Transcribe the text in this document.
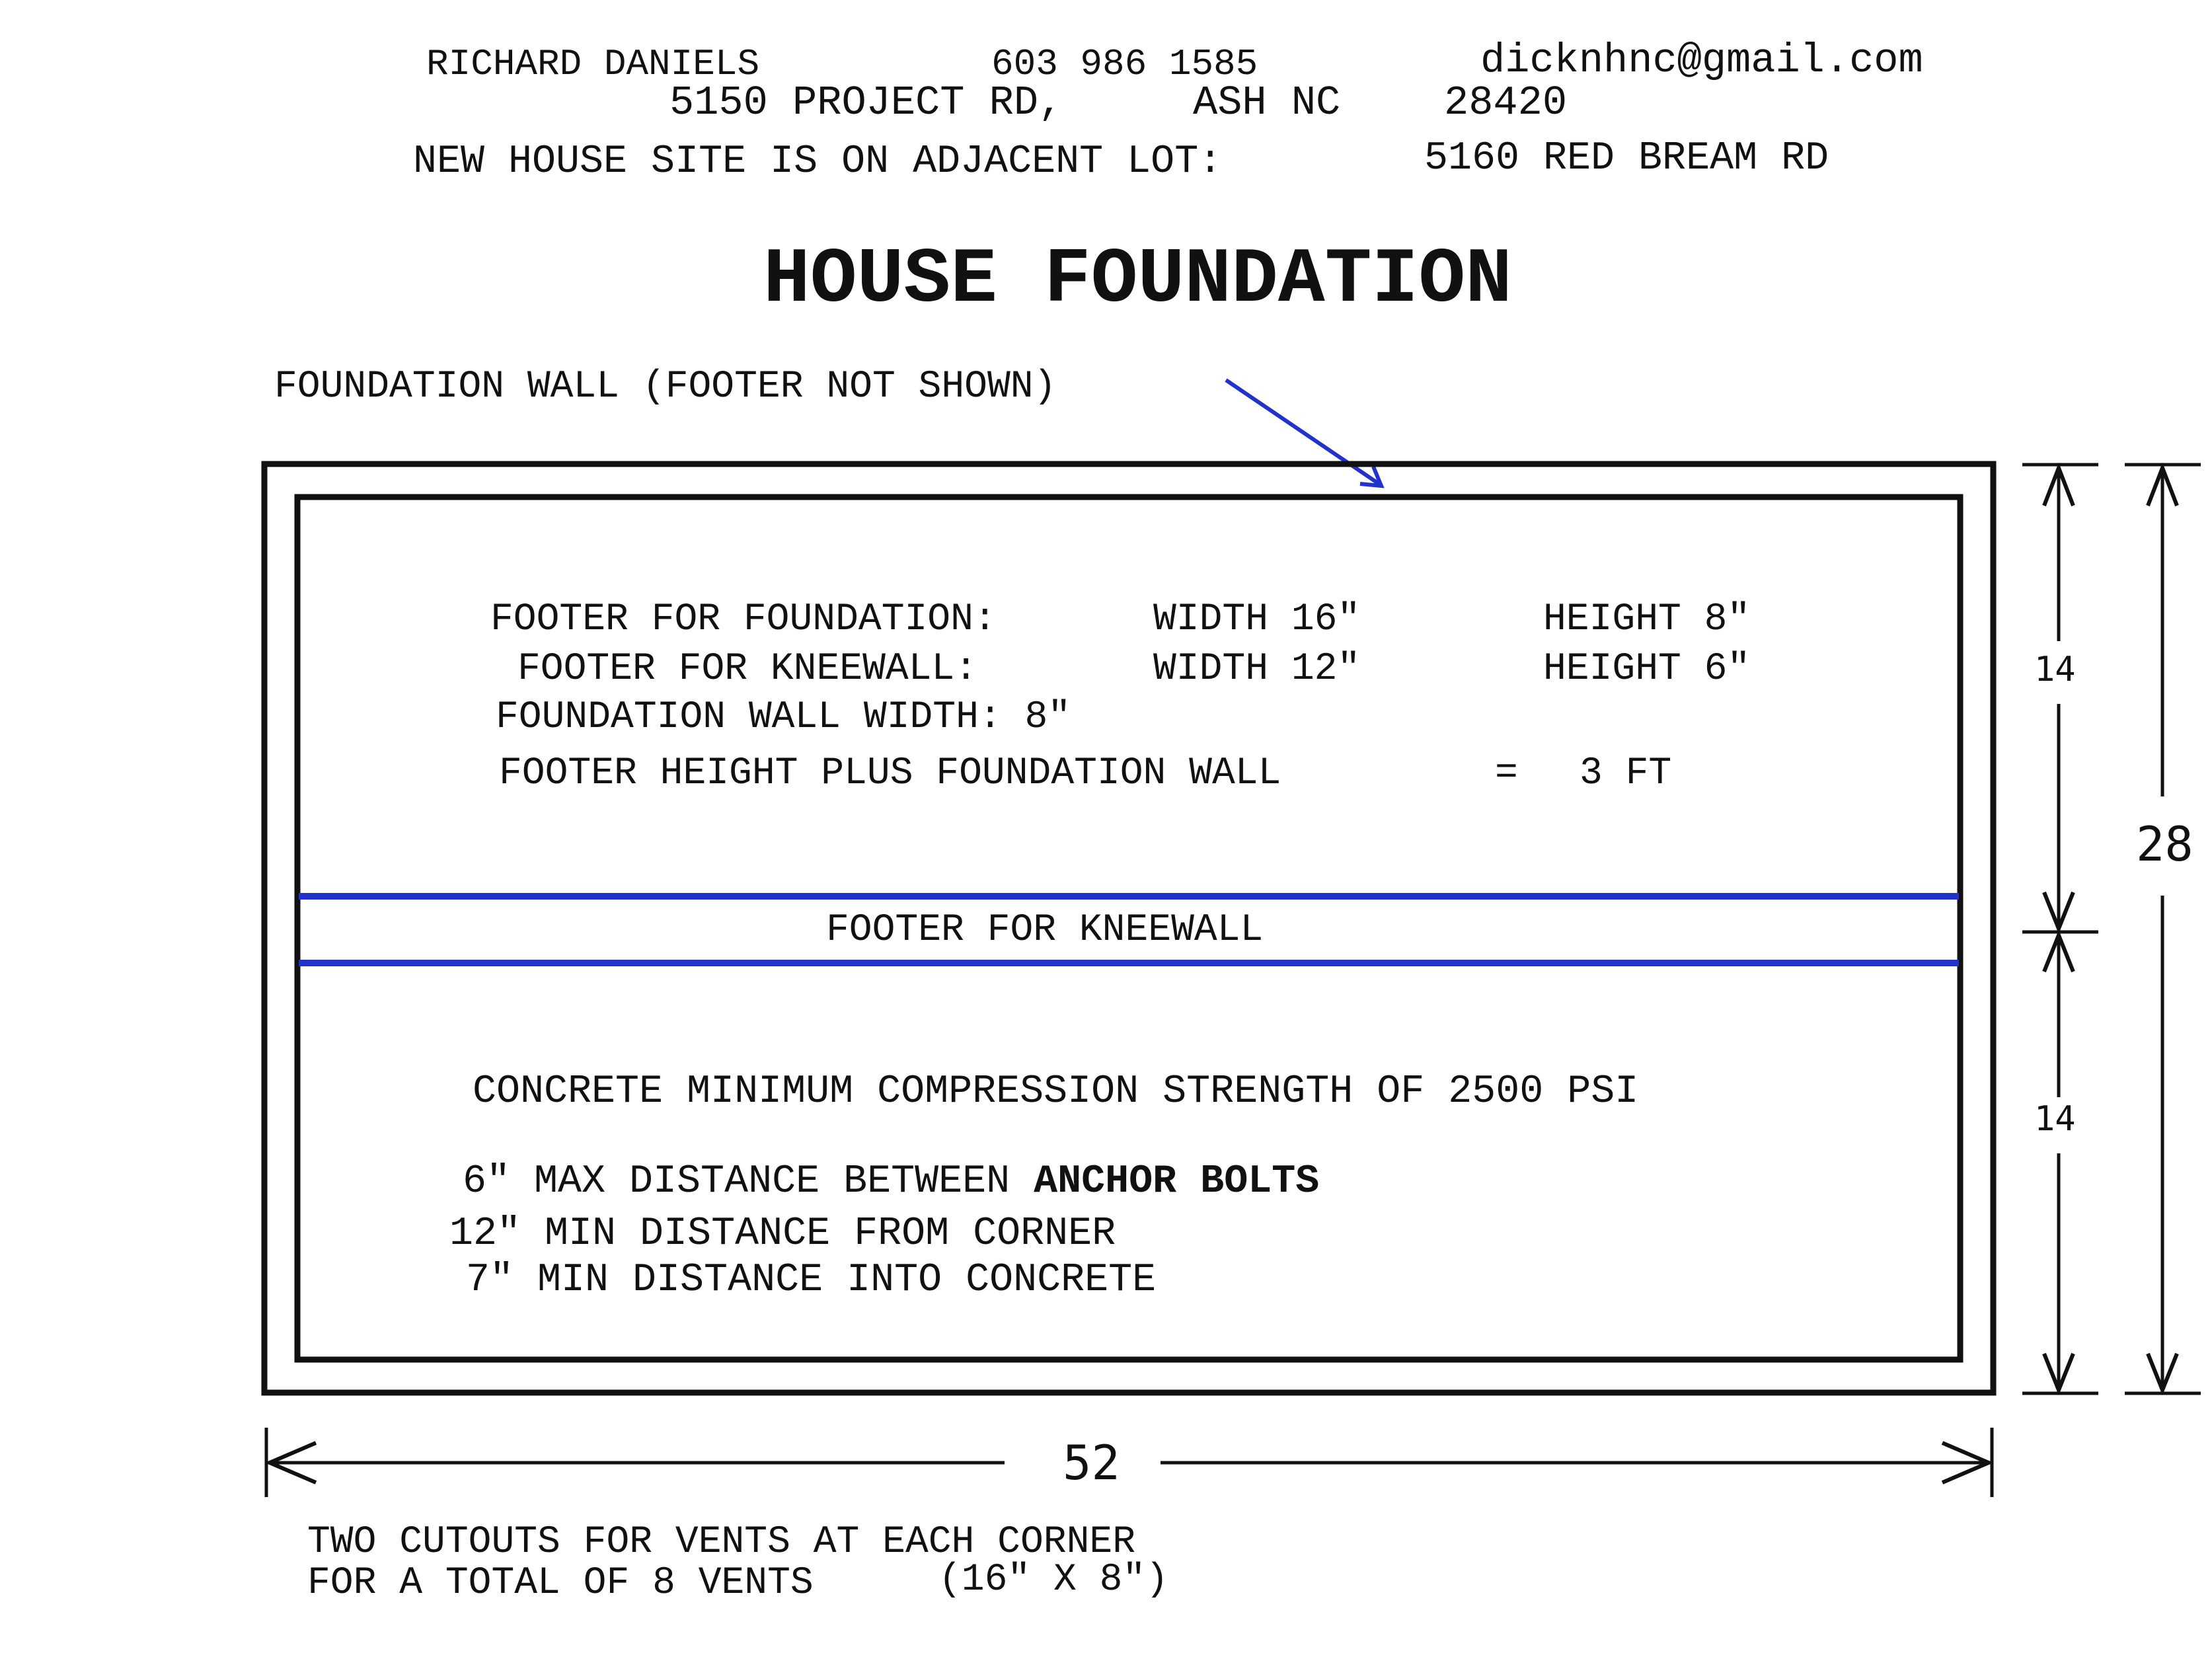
RICHARD DANIELS	603 986 1585	dicknhnc@gmail.com
5150 PROJECT RD,	ASH NC	28420
NEW HOUSE SITE IS ON ADJACENT LOT:	5160 RED BREAM RD
HOUSE FOUNDATION
FOUNDATION WALL (FOOTER NOT SHOWN)
FOOTER FOR KNEEWALL
FOOTER FOR FOUNDATION:	WIDTH 16″	HEIGHT 8″
FOOTER FOR KNEEWALL:	WIDTH 12″	HEIGHT 6″
FOUNDATION WALL WIDTH: 8″
FOOTER HEIGHT PLUS FOUNDATION WALL	= 3 FT
CONCRETE MINIMUM COMPRESSION STRENGTH OF 2500 PSI
6″ MAX DISTANCE BETWEEN ANCHOR BOLTS
12″ MIN DISTANCE FROM CORNER
7″ MIN DISTANCE INTO CONCRETE
52
14
14
28
TWO CUTOUTS FOR VENTS AT EACH CORNER
FOR A TOTAL OF 8 VENTS	(16″ X 8″)
